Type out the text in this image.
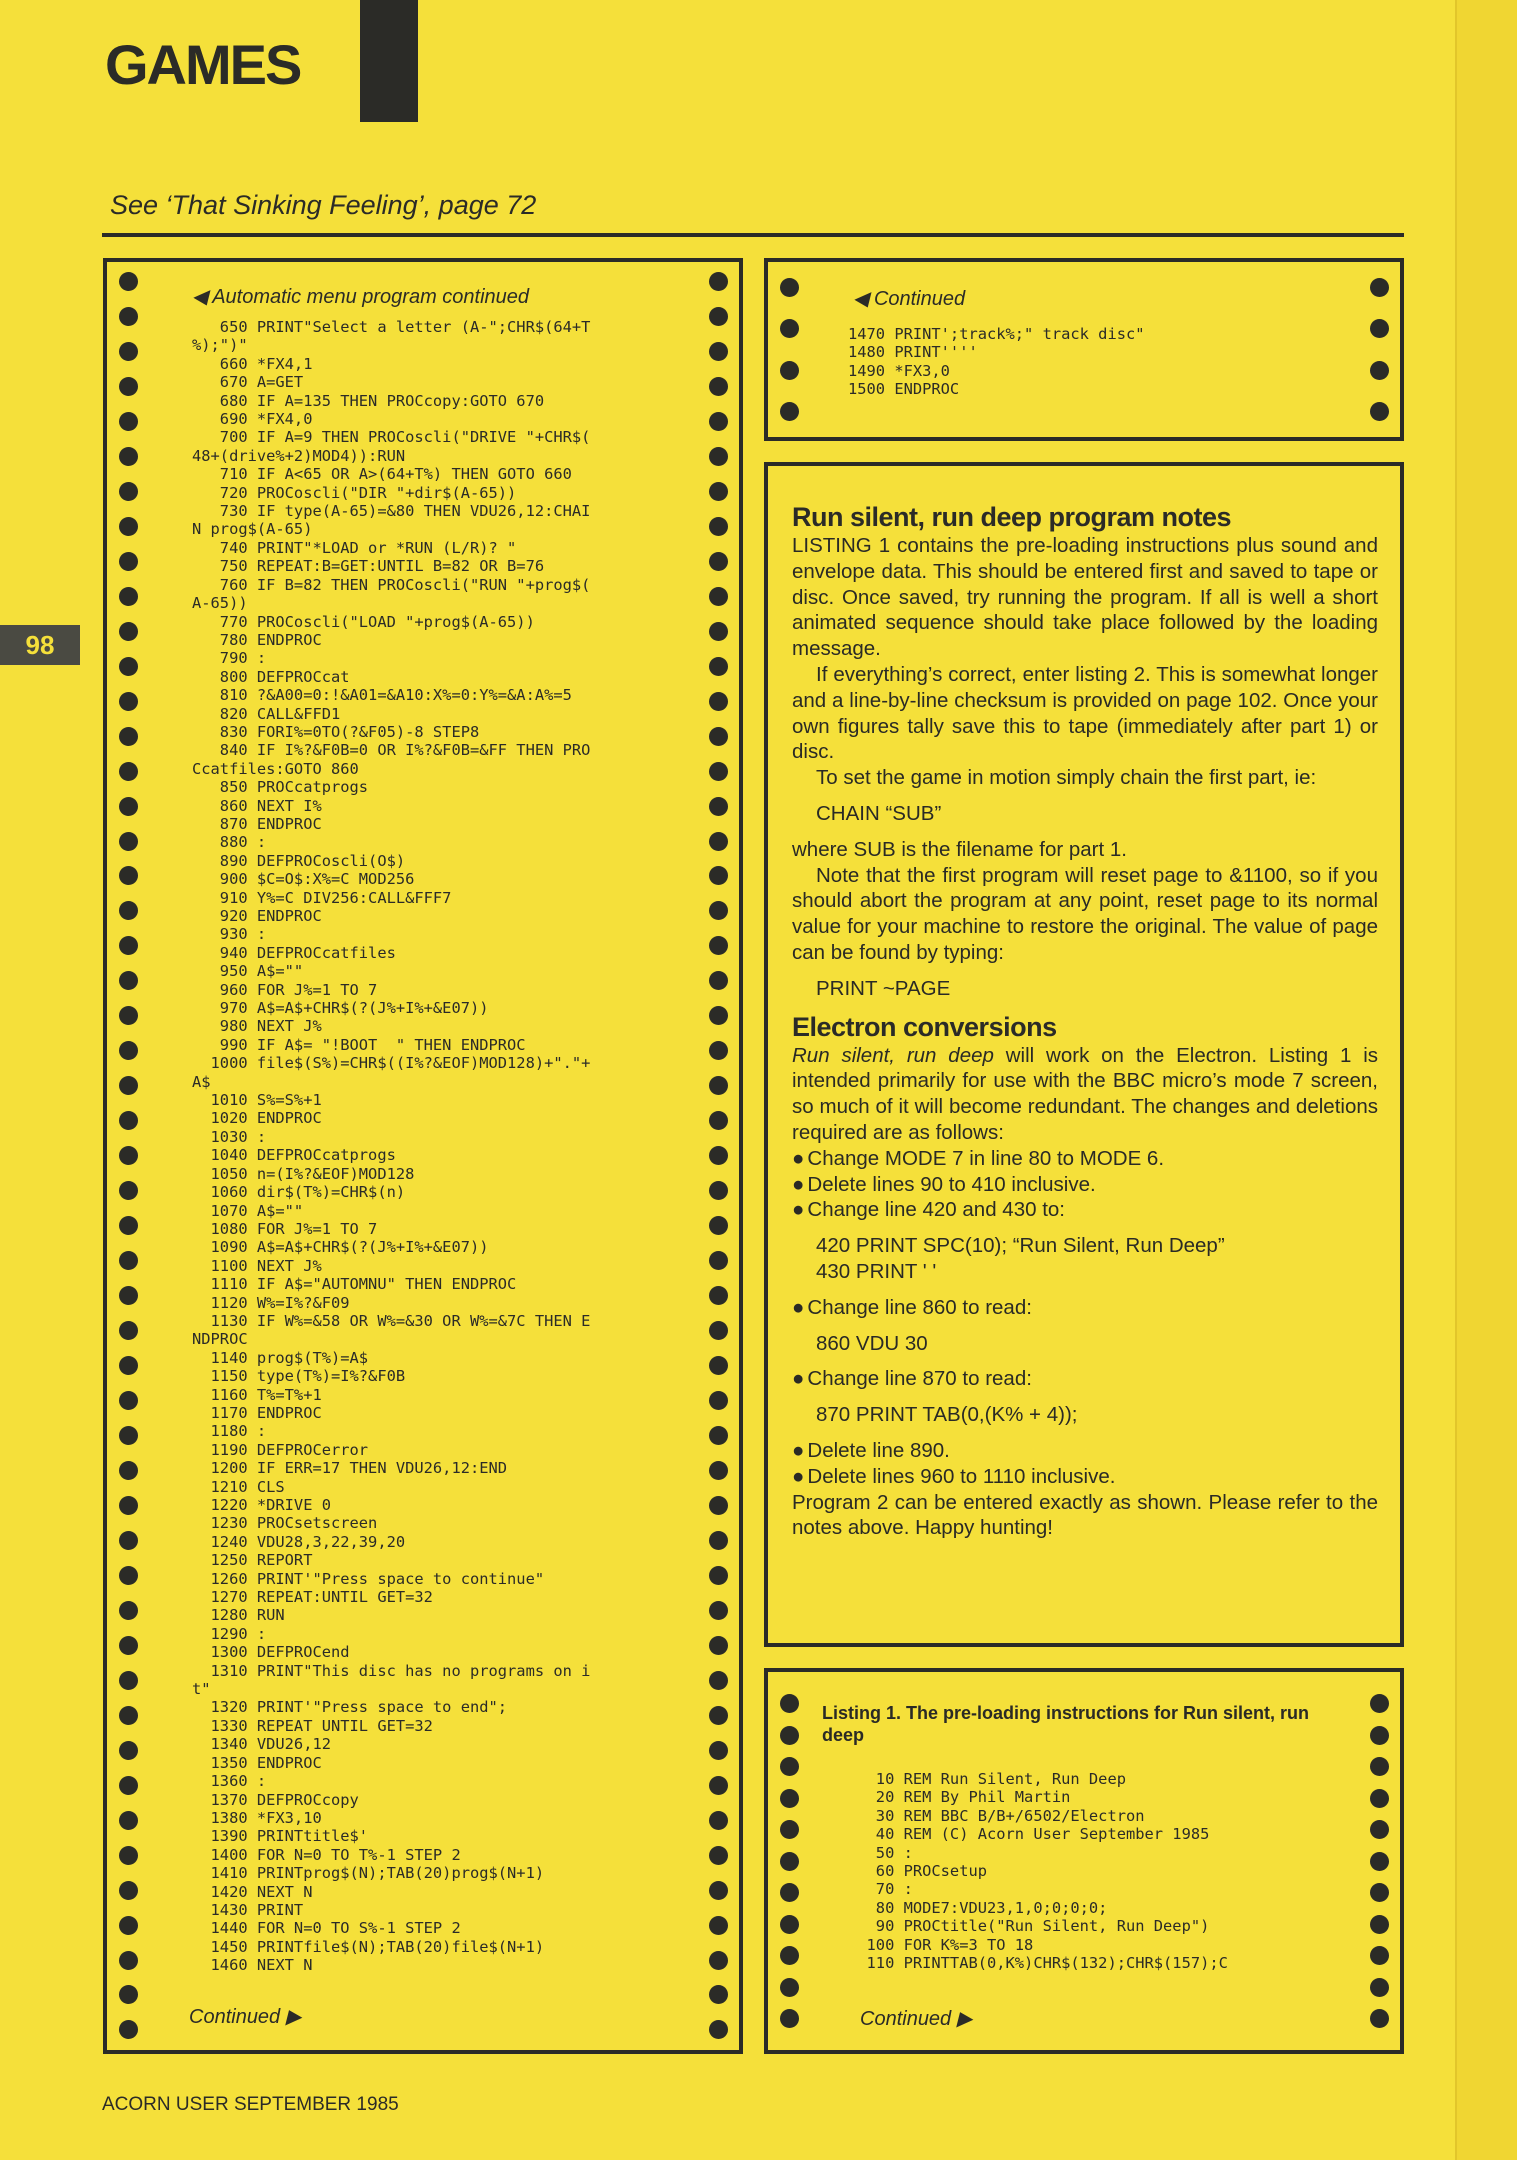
GAMES
See ‘That Sinking Feeling’, page 72
98
◀ Automatic menu program continued
650 PRINT"Select a letter (A-";CHR$(64+T
%);")"
660 *FX4,1
670 A=GET
680 IF A=135 THEN PROCcopy:GOTO 670
690 *FX4,0
700 IF A=9 THEN PROCoscli("DRIVE "+CHR$(
48+(drive%+2)MOD4)):RUN
710 IF A<65 OR A>(64+T%) THEN GOTO 660
720 PROCoscli("DIR "+dir$(A-65))
730 IF type(A-65)=&80 THEN VDU26,12:CHAI
N prog$(A-65)
740 PRINT"*LOAD or *RUN (L/R)? "
750 REPEAT:B=GET:UNTIL B=82 OR B=76
760 IF B=82 THEN PROCoscli("RUN "+prog$(
A-65))
770 PROCoscli("LOAD "+prog$(A-65))
780 ENDPROC
790 :
800 DEFPROCcat
810 ?&A00=0:!&A01=&A10:X%=0:Y%=&A:A%=5
820 CALL&FFD1
830 FORI%=0TO(?&F05)-8 STEP8
840 IF I%?&F0B=0 OR I%?&F0B=&FF THEN PRO
Ccatfiles:GOTO 860
850 PROCcatprogs
860 NEXT I%
870 ENDPROC
880 :
890 DEFPROCoscli(O$)
900 $C=O$:X%=C MOD256
910 Y%=C DIV256:CALL&FFF7
920 ENDPROC
930 :
940 DEFPROCcatfiles
950 A$=""
960 FOR J%=1 TO 7
970 A$=A$+CHR$(?(J%+I%+&E07))
980 NEXT J%
990 IF A$= "!BOOT  " THEN ENDPROC
1000 file$(S%)=CHR$((I%?&EOF)MOD128)+"."+
A$
1010 S%=S%+1
1020 ENDPROC
1030 :
1040 DEFPROCcatprogs
1050 n=(I%?&EOF)MOD128
1060 dir$(T%)=CHR$(n)
1070 A$=""
1080 FOR J%=1 TO 7
1090 A$=A$+CHR$(?(J%+I%+&E07))
1100 NEXT J%
1110 IF A$="AUTOMNU" THEN ENDPROC
1120 W%=I%?&F09
1130 IF W%=&58 OR W%=&30 OR W%=&7C THEN E
NDPROC
1140 prog$(T%)=A$
1150 type(T%)=I%?&F0B
1160 T%=T%+1
1170 ENDPROC
1180 :
1190 DEFPROCerror
1200 IF ERR=17 THEN VDU26,12:END
1210 CLS
1220 *DRIVE 0
1230 PROCsetscreen
1240 VDU28,3,22,39,20
1250 REPORT
1260 PRINT'"Press space to continue"
1270 REPEAT:UNTIL GET=32
1280 RUN
1290 :
1300 DEFPROCend
1310 PRINT"This disc has no programs on i
t"
1320 PRINT'"Press space to end";
1330 REPEAT UNTIL GET=32
1340 VDU26,12
1350 ENDPROC
1360 :
1370 DEFPROCcopy
1380 *FX3,10
1390 PRINTtitle$'
1400 FOR N=0 TO T%-1 STEP 2
1410 PRINTprog$(N);TAB(20)prog$(N+1)
1420 NEXT N
1430 PRINT
1440 FOR N=0 TO S%-1 STEP 2
1450 PRINTfile$(N);TAB(20)file$(N+1)
1460 NEXT N
Continued ▶
◀ Continued
1470 PRINT';track%;" track disc"
1480 PRINT''''
1490 *FX3,0
1500 ENDPROC
Run silent, run deep program notes

LISTING 1 contains the pre-loading instructions plus sound and envelope data. This should be entered first and saved to tape or disc. Once saved, try running the program. If all is well a short animated sequence should take place followed by the loading message.

If everything’s correct, enter listing 2. This is somewhat longer and a line-by-line checksum is provided on page 102. Once your own figures tally save this to tape (immediately after part 1) or disc.

To set the game in motion simply chain the first part, ie:

CHAIN “SUB”

where SUB is the filename for part 1.

Note that the first program will reset page to &1100, so if you should abort the program at any point, reset page to its normal value for your machine to restore the original. The value of page can be found by typing:

PRINT ~PAGE

Electron conversions

Run silent, run deep will work on the Electron. Listing 1 is intended primarily for use with the BBC micro’s mode 7 screen, so much of it will become redundant. The changes and deletions required are as follows:

● Change MODE 7 in line 80 to MODE 6.

● Delete lines 90 to 410 inclusive.

● Change line 420 and 430 to:

420 PRINT SPC(10); “Run Silent, Run Deep”

430 PRINT ' '

● Change line 860 to read:

860 VDU 30

● Change line 870 to read:

870 PRINT TAB(0,(K% + 4));

● Delete line 890.

● Delete lines 960 to 1110 inclusive.

Program 2 can be entered exactly as shown. Please refer to the notes above. Happy hunting!

Listing 1. The pre-loading instructions for Run silent, run deep
10 REM Run Silent, Run Deep
20 REM By Phil Martin
30 REM BBC B/B+/6502/Electron
40 REM (C) Acorn User September 1985
50 :
60 PROCsetup
70 :
80 MODE7:VDU23,1,0;0;0;0;
90 PROCtitle("Run Silent, Run Deep")
100 FOR K%=3 TO 18
110 PRINTTAB(0,K%)CHR$(132);CHR$(157);C
Continued ▶
ACORN USER SEPTEMBER 1985
